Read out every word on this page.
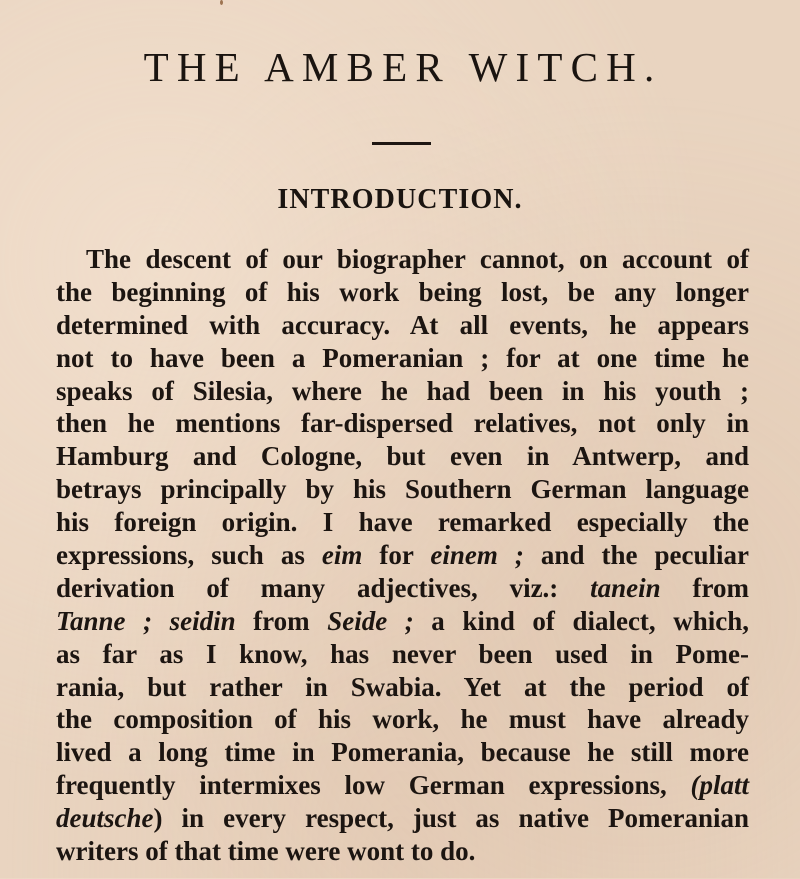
THE AMBER WITCH.
INTRODUCTION.
The descent of our biographer cannot, on account of
the beginning of his work being lost, be any longer
determined with accuracy. At all events, he appears
not to have been a Pomeranian ; for at one time he
speaks of Silesia, where he had been in his youth ;
then he mentions far-dispersed relatives, not only in
Hamburg and Cologne, but even in Antwerp, and
betrays principally by his Southern German language
his foreign origin. I have remarked especially the
expressions, such as eim for einem ; and the peculiar
derivation of many adjectives, viz.: tanein from
Tanne ; seidin from Seide ; a kind of dialect, which,
as far as I know, has never been used in Pome-
rania, but rather in Swabia. Yet at the period of
the composition of his work, he must have already
lived a long time in Pomerania, because he still more
frequently intermixes low German expressions, (platt
deutsche) in every respect, just as native Pomeranian
writers of that time were wont to do.
